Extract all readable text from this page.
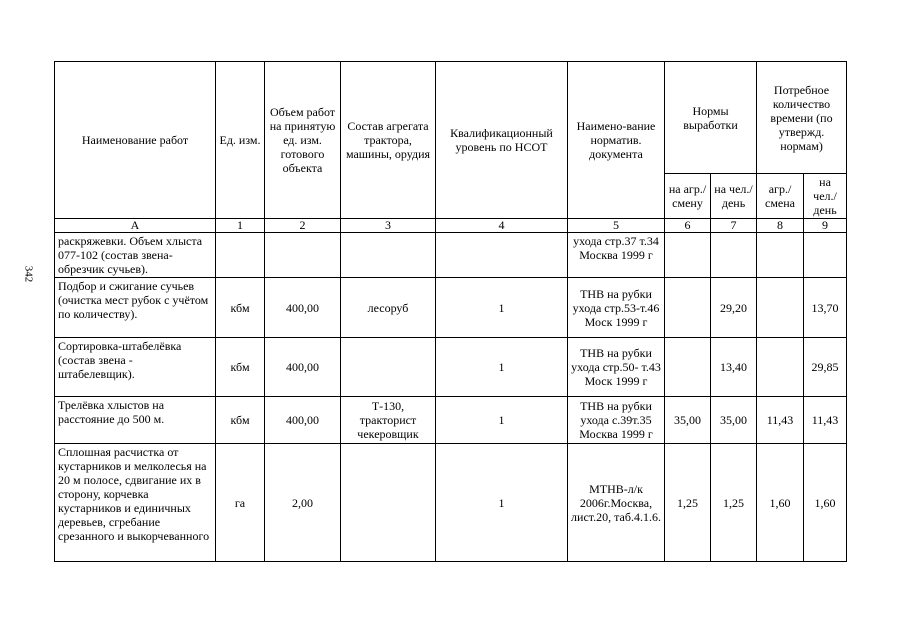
342
Наименование работ	Ед. изм.	Объем работ на принятую ед. изм. готового объекта	Состав агрегата трактора, машины, орудия	Квалификационный уровень по НСОТ	Наимено-вание норматив. документа	Нормы выработки		Потребное количество времени (по утвержд. нормам)	
						на агр./ смену	на чел./ день	агр./ смена	на чел./ день
А	1	2	3	4	5	6	7	8	9
раскряжевки. Объем хлыста 077-102 (состав звена-обрезчик сучьев).					ухода стр.37 т.34 Москва 1999 г				
Подбор и сжигание сучьев (очистка мест рубок с учётом по количеству).	кбм	400,00	лесоруб	1	ТНВ на рубки ухода стр.53-т.46 Моск 1999 г		29,20		13,70
Сортировка-штабелёвка (состав звена - штабелевщик).	кбм	400,00		1	ТНВ на рубки ухода стр.50- т.43 Моск 1999 г		13,40		29,85
Трелёвка хлыстов на расстояние до 500 м.	кбм	400,00	Т-130, тракторист чекеровщик	1	ТНВ на рубки ухода с.39т.35 Москва 1999 г	35,00	35,00	11,43	11,43
Сплошная расчистка от кустарников и мелколесья на 20 м полосе, сдвигание их в сторону, корчевка кустарников и единичных деревьев, сгребание срезанного и выкорчеванного	га	2,00		1	МТНВ-л/к 2006г.Москва, лист.20, таб.4.1.6.	1,25	1,25	1,60	1,60
